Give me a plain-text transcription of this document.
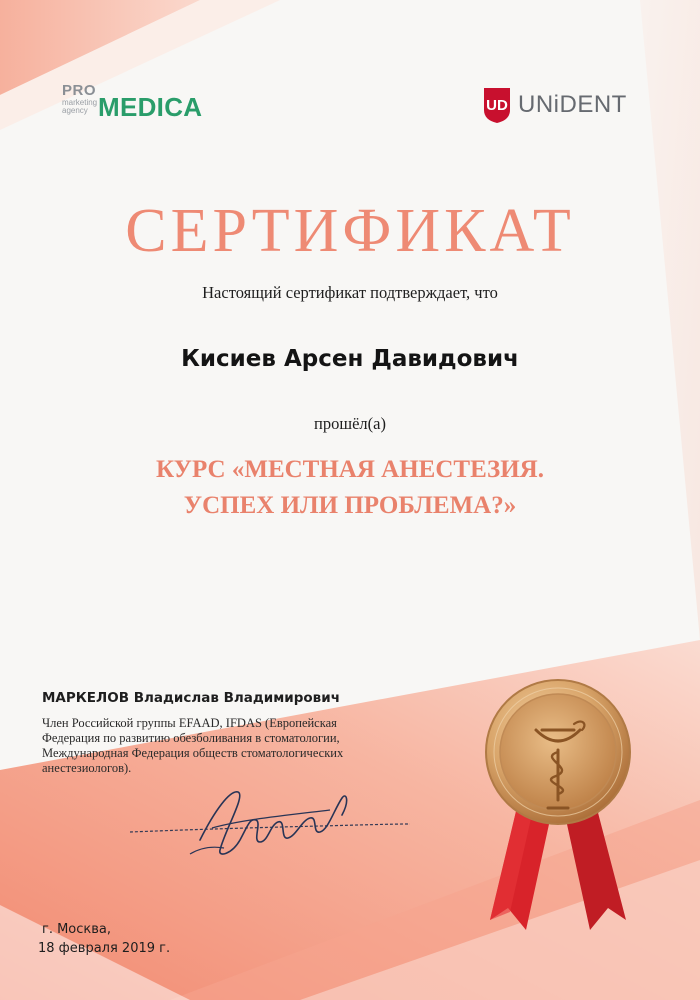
PRO
marketing
agency MEDICA	UD UNiDENT
СЕРТИФИКАТ
Настоящий сертификат подтверждает, что
Кисиев Арсен Давидович
прошёл(а)
КУРС «МЕСТНАЯ АНЕСТЕЗИЯ.
УСПЕХ ИЛИ ПРОБЛЕМА?»
МАРКЕЛОВ Владислав Владимирович
Член Российской группы EFAAD, IFDAS (Европейская
Федерация по развитию обезболивания в стоматологии,
Международная Федерация обществ стоматологических
анестезиологов).
г. Москва,
18 февраля 2019 г.
